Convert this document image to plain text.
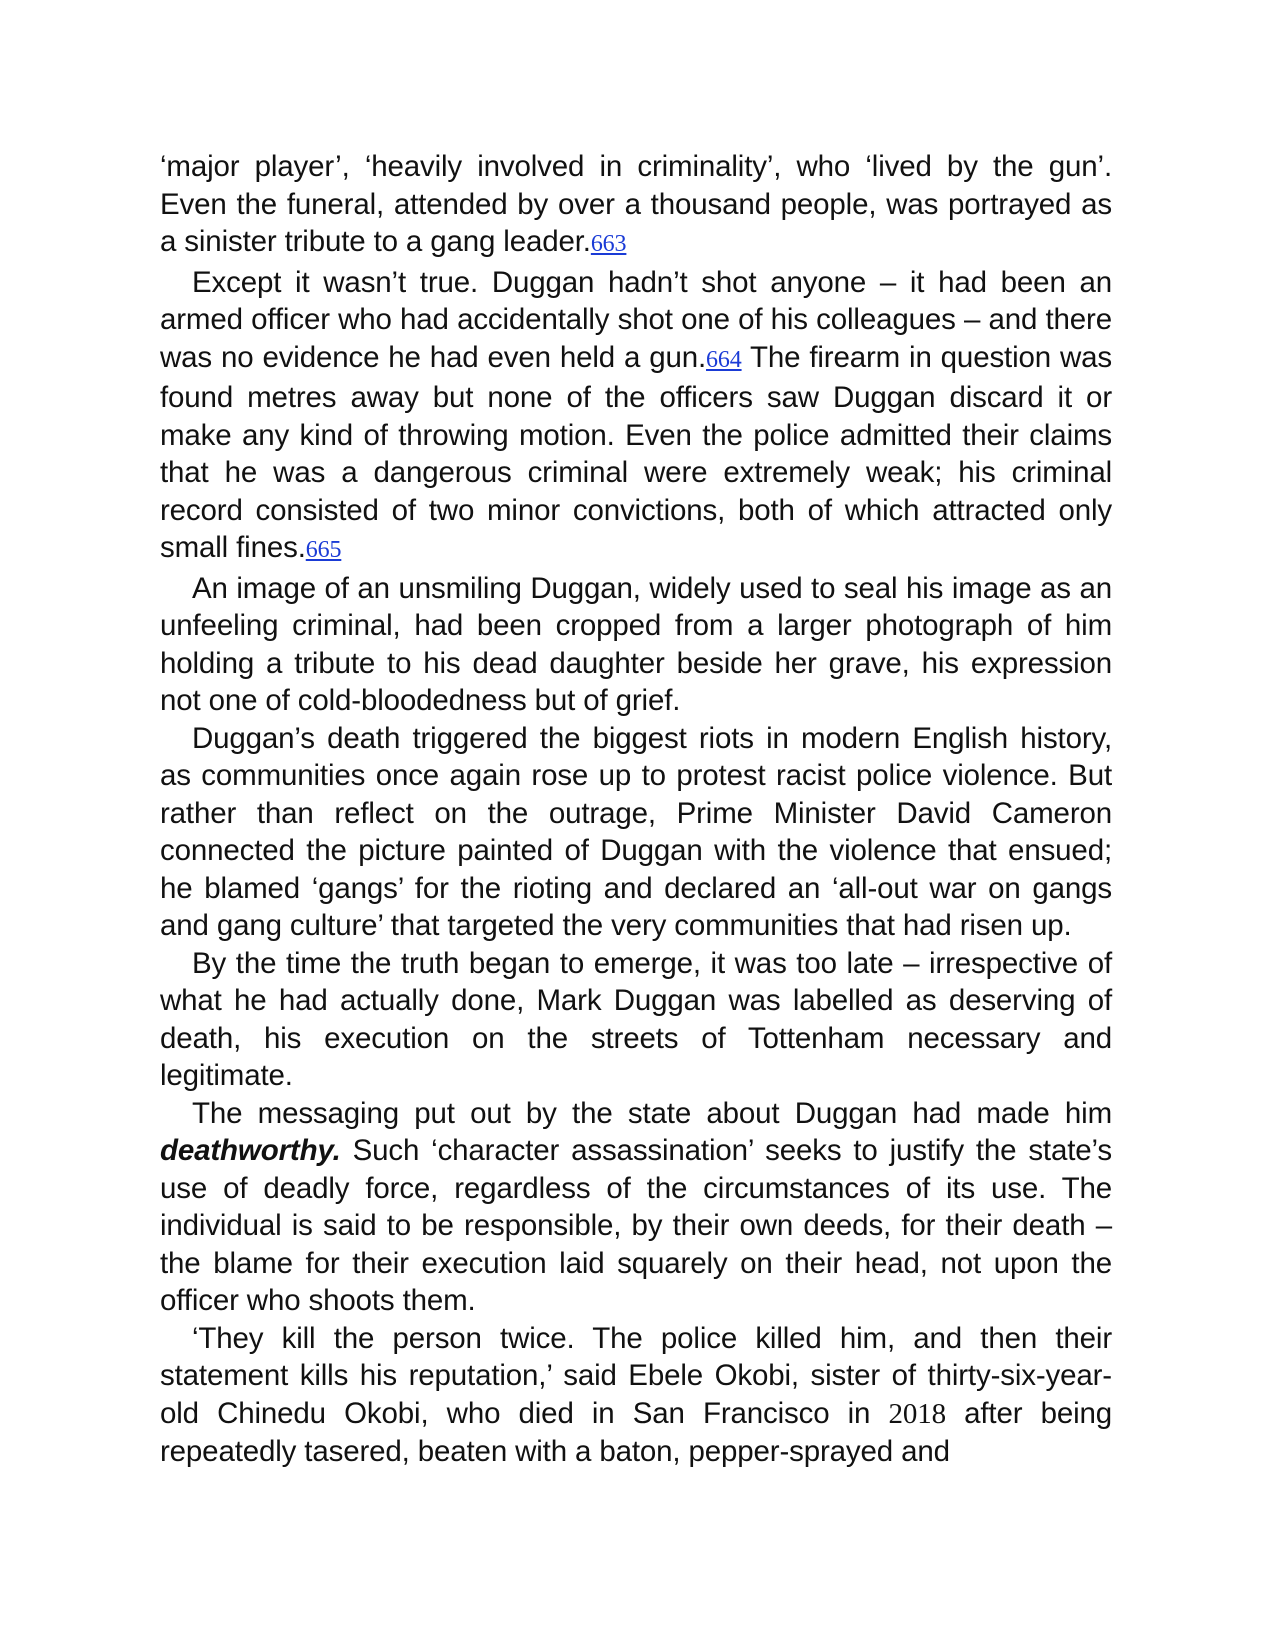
‘major player’, ‘heavily involved in criminality’, who ‘lived by the gun’. Even the funeral, attended by over a thousand people, was portrayed as a sinister tribute to a gang leader.663

Except it wasn’t true. Duggan hadn’t shot anyone – it had been an armed officer who had accidentally shot one of his colleagues – and there was no evidence he had even held a gun.664 The firearm in question was found metres away but none of the officers saw Duggan discard it or make any kind of throwing motion. Even the police admitted their claims that he was a dangerous criminal were extremely weak; his criminal record consisted of two minor convictions, both of which attracted only small fines.665

An image of an unsmiling Duggan, widely used to seal his image as an unfeeling criminal, had been cropped from a larger photograph of him holding a tribute to his dead daughter beside her grave, his expression not one of cold-bloodedness but of grief.

Duggan’s death triggered the biggest riots in modern English history, as communities once again rose up to protest racist police violence. But rather than reflect on the outrage, Prime Minister David Cameron connected the picture painted of Duggan with the violence that ensued; he blamed ‘gangs’ for the rioting and declared an ‘all-out war on gangs and gang culture’ that targeted the very communities that had risen up.

By the time the truth began to emerge, it was too late – irrespective of what he had actually done, Mark Duggan was labelled as deserving of death, his execution on the streets of Tottenham necessary and legitimate.

The messaging put out by the state about Duggan had made him deathworthy. Such ‘character assassination’ seeks to justify the state’s use of deadly force, regardless of the circumstances of its use. The individual is said to be responsible, by their own deeds, for their death – the blame for their execution laid squarely on their head, not upon the officer who shoots them.

‘They kill the person twice. The police killed him, and then their statement kills his reputation,’ said Ebele Okobi, sister of thirty-six-year-old Chinedu Okobi, who died in San Francisco in 2018 after being repeatedly tasered, beaten with a baton, pepper-sprayed and
